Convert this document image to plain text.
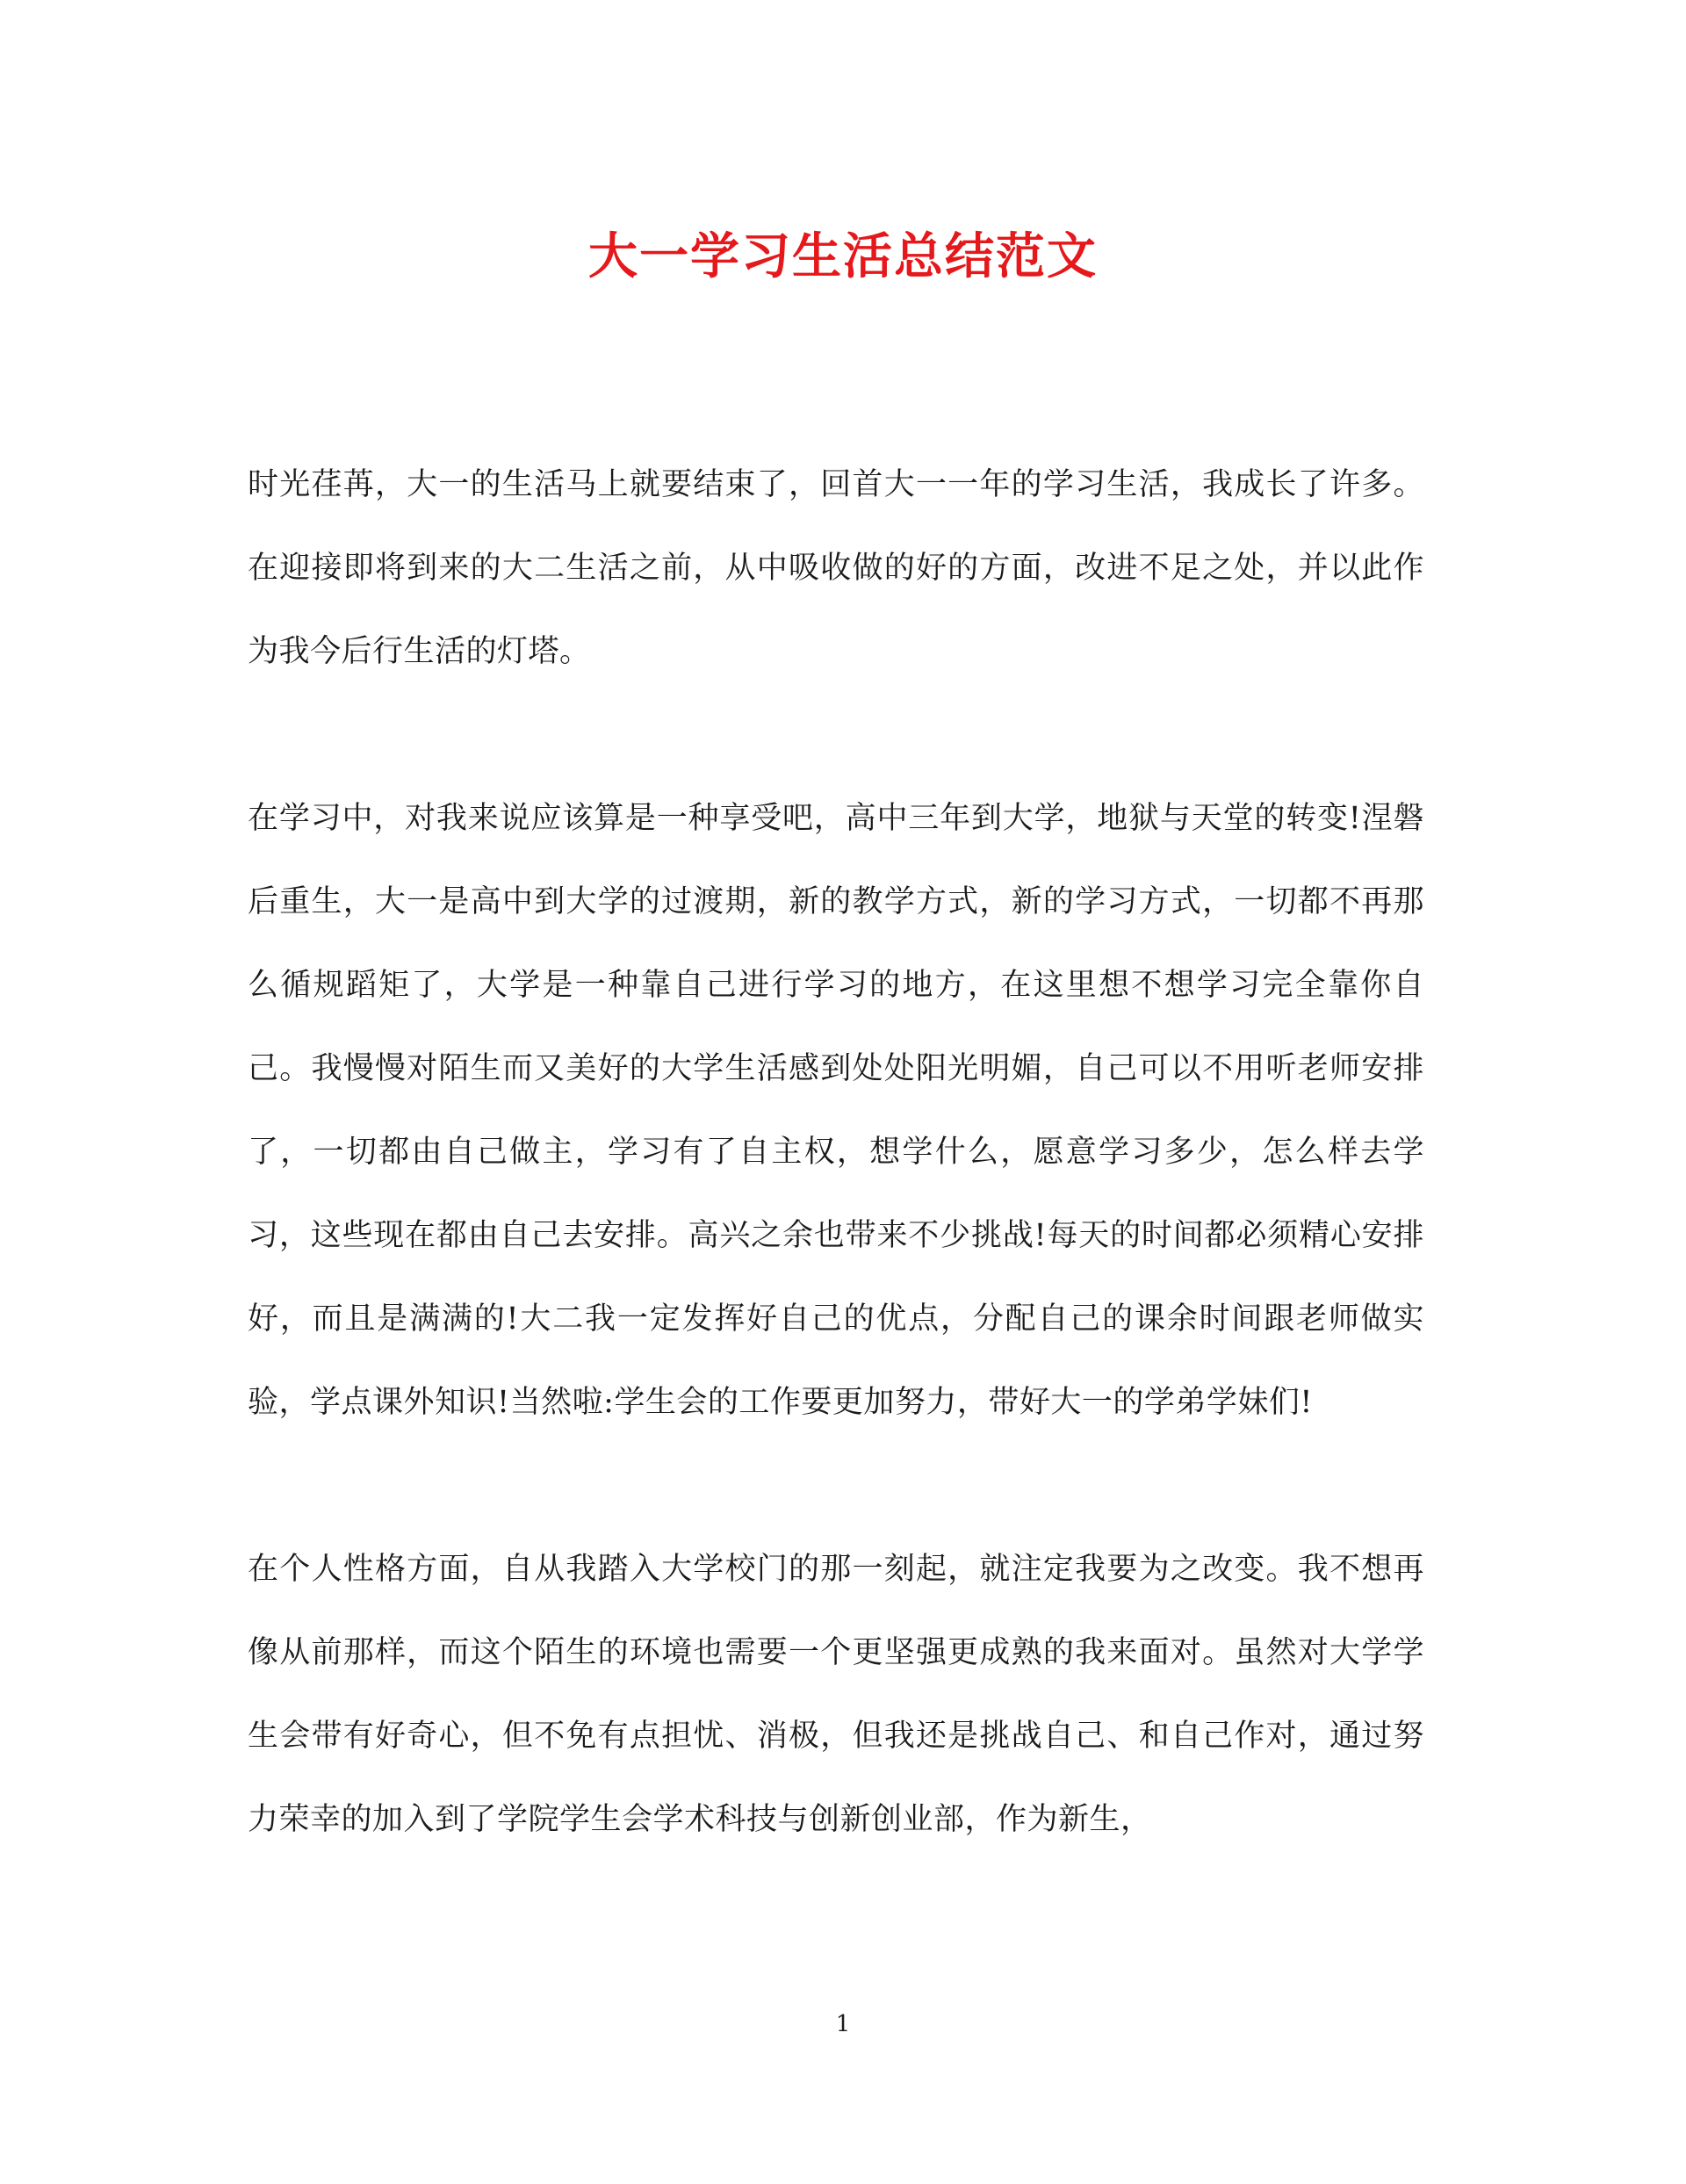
大一学习生活总结范文

时光荏苒，大一的生活马上就要结束了，回首大一一年的学习生活，我成长了许多。在迎接即将到来的大二生活之前，从中吸收做的好的方面，改进不足之处，并以此作为我今后行生活的灯塔。

在学习中，对我来说应该算是一种享受吧，高中三年到大学，地狱与天堂的转变!涅磐后重生，大一是高中到大学的过渡期，新的教学方式，新的学习方式，一切都不再那么循规蹈矩了，大学是一种靠自己进行学习的地方，在这里想不想学习完全靠你自己。我慢慢对陌生而又美好的大学生活感到处处阳光明媚，自己可以不用听老师安排了，一切都由自己做主，学习有了自主权，想学什么，愿意学习多少，怎么样去学习，这些现在都由自己去安排。高兴之余也带来不少挑战!每天的时间都必须精心安排好，而且是满满的!大二我一定发挥好自己的优点，分配自己的课余时间跟老师做实验，学点课外知识!当然啦:学生会的工作要更加努力，带好大一的学弟学妹们!

在个人性格方面，自从我踏入大学校门的那一刻起，就注定我要为之改变。我不想再像从前那样，而这个陌生的环境也需要一个更坚强更成熟的我来面对。虽然对大学学生会带有好奇心，但不免有点担忧、消极，但我还是挑战自己、和自己作对，通过努力荣幸的加入到了学院学生会学术科技与创新创业部，作为新生，

1
